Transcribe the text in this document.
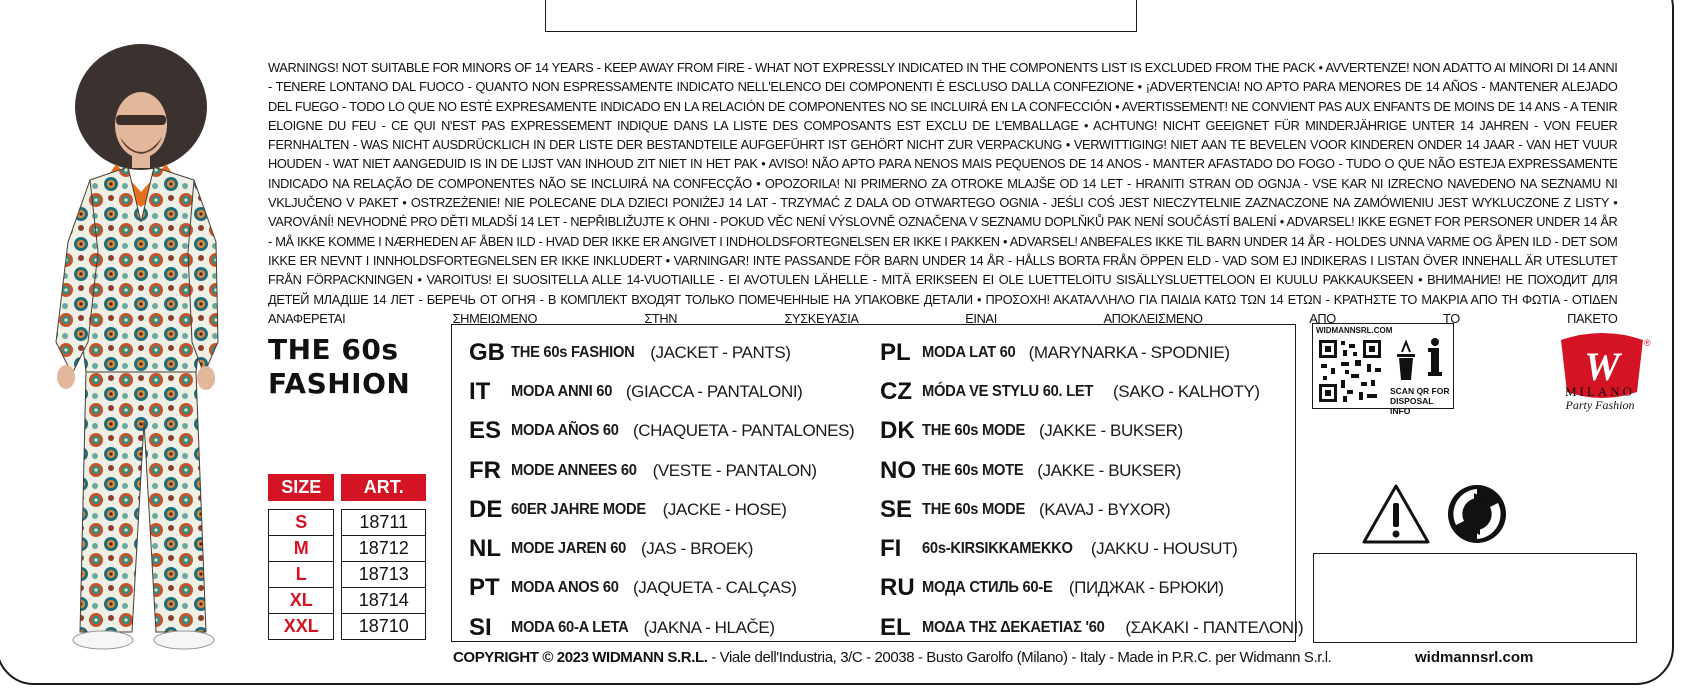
WARNINGS! NOT SUITABLE FOR MINORS OF 14 YEARS - KEEP AWAY FROM FIRE - WHAT NOT EXPRESSLY INDICATED IN THE COMPONENTS LIST IS EXCLUDED FROM THE PACK • AVVERTENZE! NON ADATTO AI MINORI DI 14 ANNI - TENERE LONTANO DAL FUOCO - QUANTO NON ESPRESSAMENTE INDICATO NELL'ELENCO DEI COMPONENTI È ESCLUSO DALLA CONFEZIONE • ¡ADVERTENCIA! NO APTO PARA MENORES DE 14 AÑOS - MANTENER ALEJADO DEL FUEGO - TODO LO QUE NO ESTÉ EXPRESAMENTE INDICADO EN LA RELACIÓN DE COMPONENTES NO SE INCLUIRÁ EN LA CONFECCIÓN • AVERTISSEMENT! NE CONVIENT PAS AUX ENFANTS DE MOINS DE 14 ANS - A TENIR ELOIGNE DU FEU - CE QUI N'EST PAS EXPRESSEMENT INDIQUE DANS LA LISTE DES COMPOSANTS EST EXCLU DE L'EMBALLAGE • ACHTUNG! NICHT GEEIGNET FÜR MINDERJÄHRIGE UNTER 14 JAHREN - VON FEUER FERNHALTEN - WAS NICHT AUSDRÜCKLICH IN DER LISTE DER BESTANDTEILE AUFGEFÜHRT IST GEHÖRT NICHT ZUR VERPACKUNG • VERWITTIGING! NIET AAN TE BEVELEN VOOR KINDEREN ONDER 14 JAAR - VAN HET VUUR HOUDEN - WAT NIET AANGEDUID IS IN DE LIJST VAN INHOUD ZIT NIET IN HET PAK • AVISO! NÃO APTO PARA NENOS MAIS PEQUENOS DE 14 ANOS - MANTER AFASTADO DO FOGO - TUDO O QUE NÃO ESTEJA EXPRESSAMENTE INDICADO NA RELAÇÃO DE COMPONENTES NÃO SE INCLUIRÁ NA CONFECÇÃO • OPOZORILA! NI PRIMERNO ZA OTROKE MLAJŠE OD 14 LET - HRANITI STRAN OD OGNJA - VSE KAR NI IZRECNO NAVEDENO NA SEZNAMU NI VKLJUČENO V PAKET • OSTRZEŻENIE! NIE POLECANE DLA DZIECI PONIŻEJ 14 LAT - TRZYMAĆ Z DALA OD OTWARTEGO OGNIA - JEŚLI COŚ JEST NIECZYTELNIE ZAZNACZONE NA ZAMÓWIENIU JEST WYKLUCZONE Z LISTY • VAROVÁNÍ! NEVHODNÉ PRO DĚTI MLADŠÍ 14 LET - NEPŘIBLIŽUJTE K OHNI - POKUD VĚC NENÍ VÝSLOVNĚ OZNAČENA V SEZNAMU DOPLŇKŮ PAK NENÍ SOUČÁSTÍ BALENÍ • ADVARSEL! IKKE EGNET FOR PERSONER UNDER 14 ÅR - MÅ IKKE KOMME I NÆRHEDEN AF ÅBEN ILD - HVAD DER IKKE ER ANGIVET I INDHOLDSFORTEGNELSEN ER IKKE I PAKKEN • ADVARSEL! ANBEFALES IKKE TIL BARN UNDER 14 ÅR - HOLDES UNNA VARME OG ÅPEN ILD - DET SOM IKKE ER NEVNT I INNHOLDSFORTEGNELSEN ER IKKE INKLUDERT • VARNINGAR! INTE PASSANDE FÖR BARN UNDER 14 ÅR - HÅLLS BORTA FRÅN ÖPPEN ELD - VAD SOM EJ INDIKERAS I LISTAN ÖVER INNEHALL ÄR UTESLUTET FRÅN FÖRPACKNINGEN • VAROITUS! EI SUOSITELLA ALLE 14-VUOTIAILLE - EI AVOTULEN LÄHELLE - MITÄ ERIKSEEN EI OLE LUETTELOITU SISÄLLYSLUETTELOON EI KUULU PAKKAUKSEEN • ВНИМАНИЕ! НЕ ПОХОДИТ ДЛЯ ДЕТЕЙ МЛАДШЕ 14 ЛЕТ - БЕРЕЧЬ ОТ ОГНЯ - В КОМПЛЕКТ ВХОДЯТ ТОЛЬКО ПОМЕЧЕННЫЕ НА УПАКОВКЕ ДЕТАЛИ • ΠΡΟΣΟΧΗ! ΑΚΑΤΑΛΛΗΛΟ ΓΙΑ ΠΑΙΔΙΑ ΚΑΤΩ ΤΩΝ 14 ΕΤΩΝ - ΚΡΑΤΗΣΤΕ ΤΟ ΜΑΚΡΙΑ ΑΠΟ ΤΗ ΦΩΤΙΑ - ΟΤΙΔΕΝ ΑΝΑΦΕΡΕΤΑΙ ΣΗΜΕΙΩΜΕΝΟ ΣΤΗΝ ΣΥΣΚΕΥΑΣΙΑ ΕΙΝΑΙ ΑΠΟΚΛΕΙΣΜΕΝΟ ΑΠΟ ΤΟ ΠΑΚΕΤΟ
THE 60s
FASHION
SIZE	ART.
S	18711
M	18712
L	18713
XL	18714
XXL	18710
GB THE 60s FASHION (JACKET - PANTS)
IT	MODA ANNI 60 (GIACCA - PANTALONI)
ES MODA AÑOS 60 (CHAQUETA - PANTALONES)
FR MODE ANNEES 60 (VESTE - PANTALON)
DE 60ER JAHRE MODE (JACKE - HOSE)
NL MODE JAREN 60 (JAS - BROEK)
PT MODA ANOS 60 (JAQUETA - CALÇAS)
SI	MODA 60-A LETA (JAKNA - HLAČE)
PL MODA LAT 60 (MARYNARKA - SPODNIE)
CZ MÓDA VE STYLU 60. LET (SAKO - KALHOTY)
DK THE 60s MODE (JAKKE - BUKSER)
NO THE 60s MOTE (JAKKE - BUKSER)
SE THE 60s MODE (KAVAJ - BYXOR)
FI	60s-KIRSIKKAMEKKO (JAKKU - HOUSUT)
RU МОДА СТИЛЬ 60-Е (ПИДЖАК - БРЮКИ)
EL ΜΟΔΑ ΤΗΣ ΔΕΚΑΕΤΙΑΣ '60 (ΣΑΚΑΚΙ - ΠΑΝΤΕΛΟΝΙ)
COPYRIGHT © 2023 WIDMANN S.R.L. - Viale dell'Industria, 3/C - 20038 - Busto Garolfo (Milano) - Italy - Made in P.R.C. per Widmann S.r.l.	widmannsrl.com
WIDMANNSRL.COM
SCAN QR FOR DISPOSAL INFO
W
®
MILANO
Party Fashion
